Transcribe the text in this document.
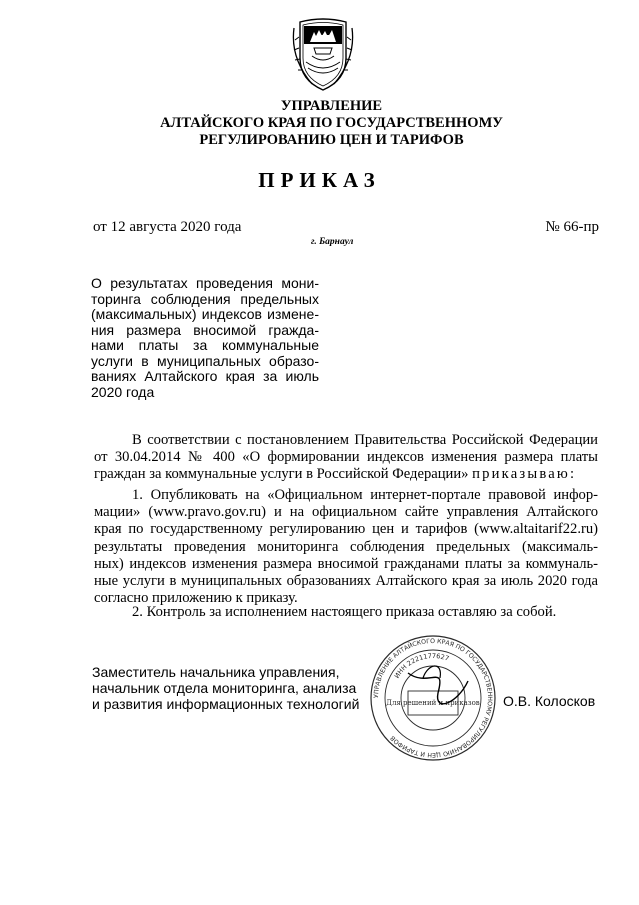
УПРАВЛЕНИЕ
АЛТАЙСКОГО КРАЯ ПО ГОСУДАРСТВЕННОМУ
РЕГУЛИРОВАНИЮ ЦЕН И ТАРИФОВ
ПРИКАЗ
от 12 августа 2020 года	№ 66-пр
г. Барнаул
О результатах проведения мони-
торинга соблюдения предельных
(максимальных) индексов измене-
ния размера вносимой гражда-
нами платы за коммунальные
услуги в муниципальных образо-
ваниях Алтайского края за июль
2020 года
В соответствии с постановлением Правительства Российской Федерации
от 30.04.2014 № 400 «О формировании индексов изменения размера платы
граждан за коммунальные услуги в Российской Федерации» приказываю:
1. Опубликовать на «Официальном интернет-портале правовой инфор-
мации» (www.pravo.gov.ru) и на официальном сайте управления Алтайского
края по государственному регулированию цен и тарифов (www.altaitarif22.ru)
результаты проведения мониторинга соблюдения предельных (максималь-
ных) индексов изменения размера вносимой гражданами платы за коммуналь-
ные услуги в муниципальных образованиях Алтайского края за июль 2020 года
согласно приложению к приказу.
2. Контроль за исполнением настоящего приказа оставляю за собой.
Заместитель начальника управления,
начальник отдела мониторинга, анализа
и развития информационных технологий УПРАВЛЕНИЕ АЛТАЙСКОГО КРАЯ ПО ГОСУДАРСТВЕННОМУ РЕГУЛИРОВАНИЮ ЦЕН И ТАРИФОВ
ИНН 2221177627
Для решений и приказов О.В. Колосков
